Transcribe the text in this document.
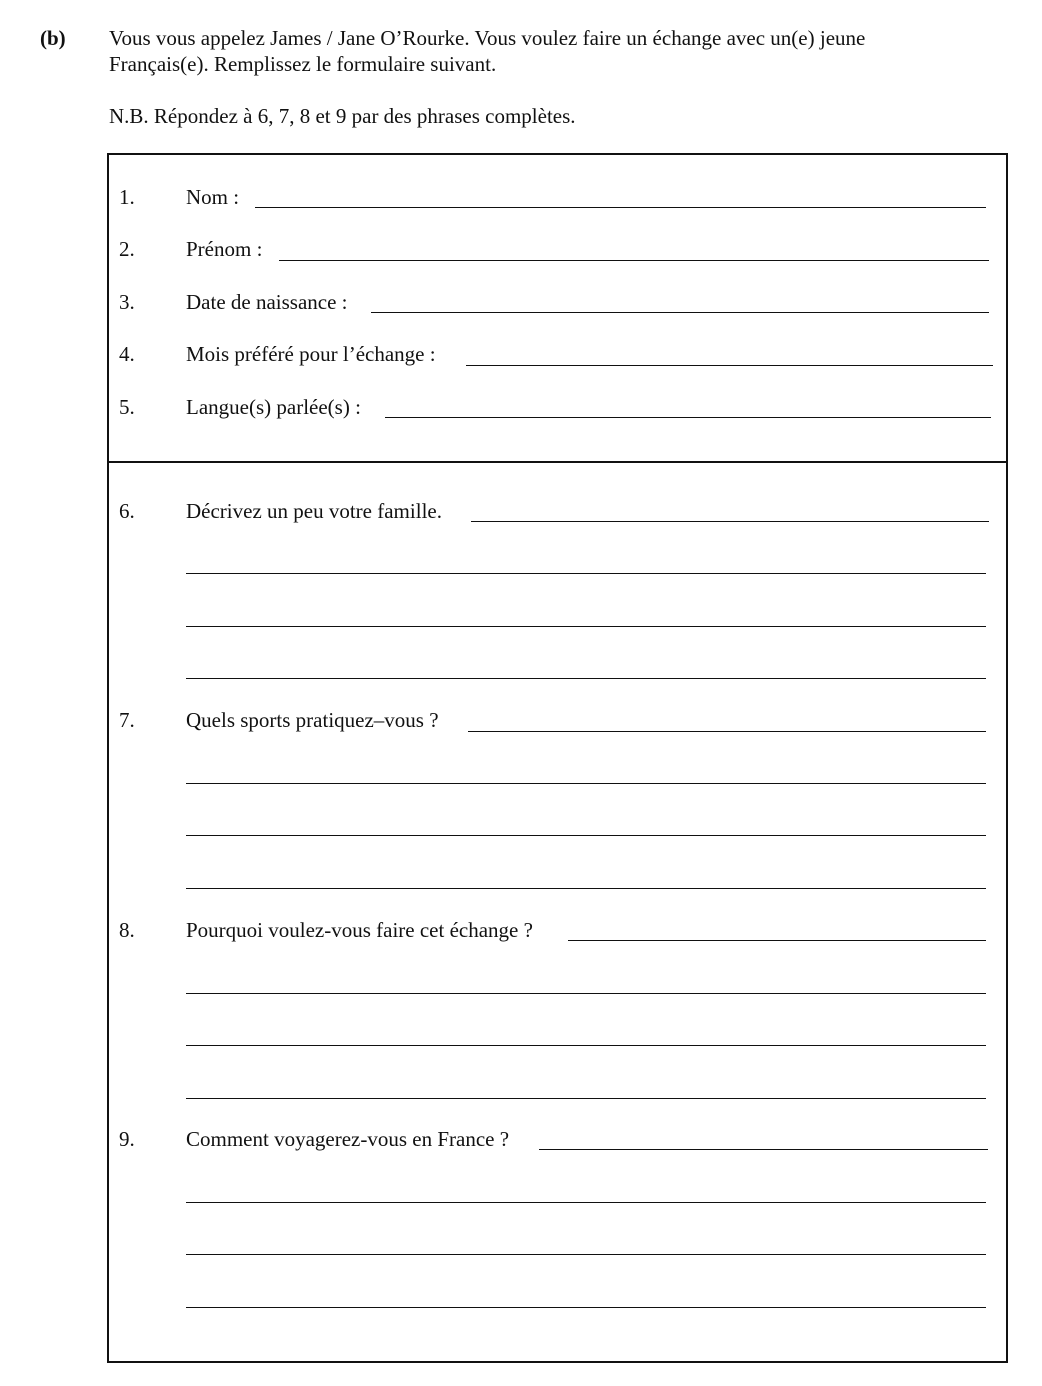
(b) Vous vous appelez James / Jane O’Rourke. Vous voulez faire un échange avec un(e) jeune
Français(e). Remplissez le formulaire suivant.
N.B. Répondez à 6, 7, 8 et 9 par des phrases complètes.
1. Nom :
2. Prénom :
3. Date de naissance :
4. Mois préféré pour l’échange :
5. Langue(s) parlée(s) :
6. Décrivez un peu votre famille.
7. Quels sports pratiquez–vous ?
8. Pourquoi voulez-vous faire cet échange ?
9. Comment voyagerez-vous en France ?
